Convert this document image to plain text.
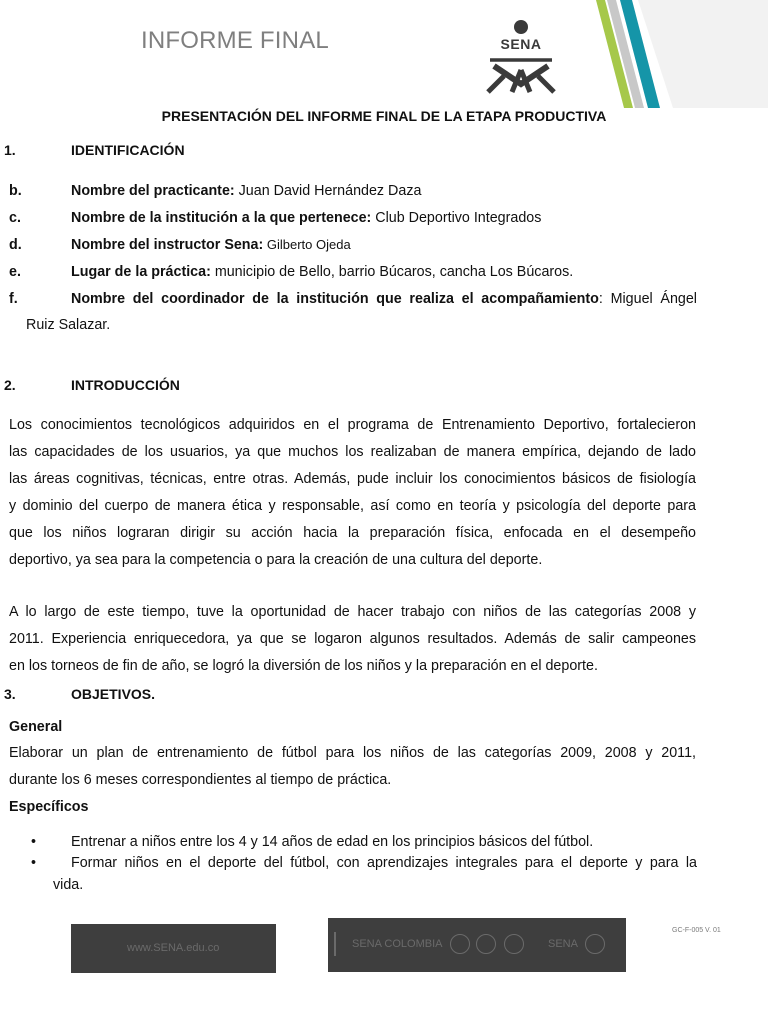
INFORME FINAL	SENA
PRESENTACIÓN DEL INFORME FINAL DE LA ETAPA PRODUCTIVA
1.	IDENTIFICACIÓN
b.	Nombre del practicante: Juan David Hernández Daza
c.	Nombre de la institución a la que pertenece: Club Deportivo Integrados
d.	Nombre del instructor Sena: Gilberto Ojeda
e.	Lugar de la práctica: municipio de Bello, barrio Búcaros, cancha Los Búcaros.
f.	Nombre del coordinador de la institución que realiza el acompañamiento: Miguel Ángel
Ruiz Salazar.
2.	INTRODUCCIÓN
Los conocimientos tecnológicos adquiridos en el programa de Entrenamiento Deportivo, fortalecieron
las capacidades de los usuarios, ya que muchos los realizaban de manera empírica, dejando de lado
las áreas cognitivas, técnicas, entre otras. Además, pude incluir los conocimientos básicos de fisiología
y dominio del cuerpo de manera ética y responsable, así como en teoría y psicología del deporte para
que los niños lograran dirigir su acción hacia la preparación física, enfocada en el desempeño
deportivo, ya sea para la competencia o para la creación de una cultura del deporte.
A lo largo de este tiempo, tuve la oportunidad de hacer trabajo con niños de las categorías 2008 y
2011. Experiencia enriquecedora, ya que se logaron algunos resultados. Además de salir campeones
en los torneos de fin de año, se logró la diversión de los niños y la preparación en el deporte.
3.	OBJETIVOS.
General
Elaborar un plan de entrenamiento de fútbol para los niños de las categorías 2009, 2008 y 2011,
durante los 6 meses correspondientes al tiempo de práctica.
Específicos
• Entrenar a niños entre los 4 y 14 años de edad en los principios básicos del fútbol.
• Formar niños en el deporte del fútbol, con aprendizajes integrales para el deporte y para la
vida.
www.SENA.edu.co	SENA COLOMBIA	SENA
GC-F-005 V. 01
